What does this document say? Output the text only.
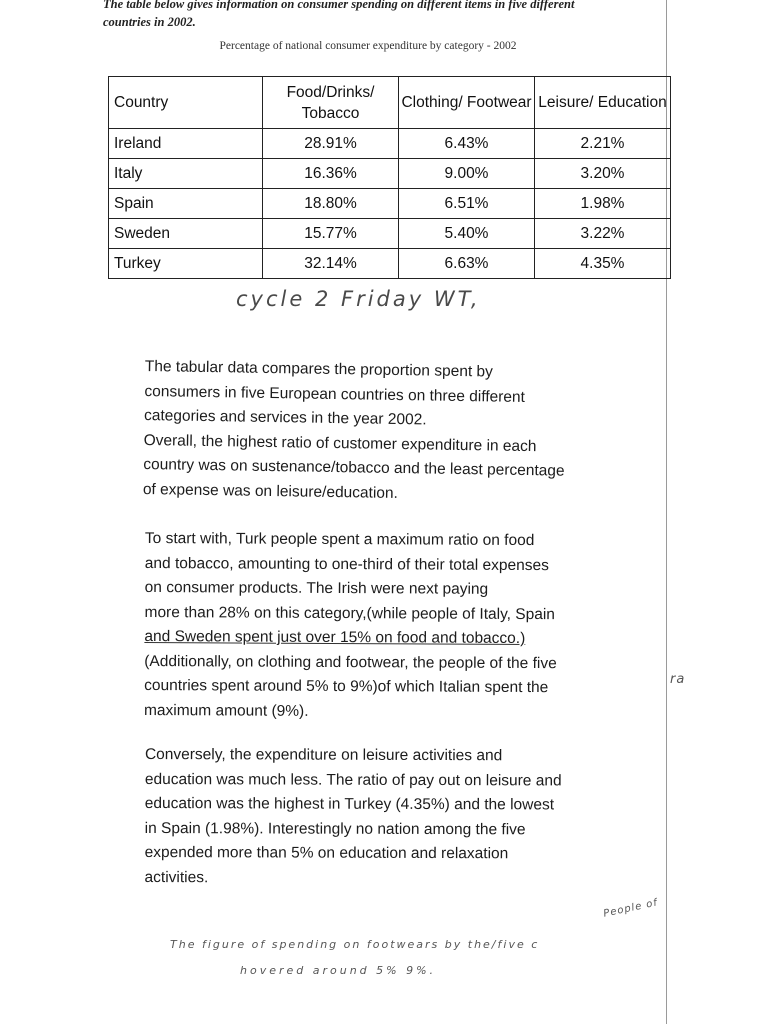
The table below gives information on consumer spending on different items in five different countries in 2002.
Percentage of national consumer expenditure by category - 2002
Country	Food/Drinks/ Tobacco	Clothing/ Footwear	Leisure/ Education
Ireland	28.91%	6.43%	2.21%
Italy	16.36%	9.00%	3.20%
Spain	18.80%	6.51%	1.98%
Sweden	15.77%	5.40%	3.22%
Turkey	32.14%	6.63%	4.35%
cycle 2 Friday WT,
The tabular data compares the proportion spent by
consumers in five European countries on three different
categories and services in the year 2002.
Overall, the highest ratio of customer expenditure in each
country was on sustenance/tobacco and the least percentage
of expense was on leisure/education.
To start with, Turk people spent a maximum ratio on food
and tobacco, amounting to one-third of their total expenses
on consumer products. The Irish were next paying
more than 28% on this category,(while people of Italy, Spain
and Sweden spent just over 15% on food and tobacco.)
(Additionally, on clothing and footwear, the people of the five
countries spent around 5% to 9%)of which Italian spent the
maximum amount (9%).
ra
Conversely, the expenditure on leisure activities and
education was much less. The ratio of pay out on leisure and
education was the highest in Turkey (4.35%) and the lowest
in Spain (1.98%). Interestingly no nation among the five
expended more than 5% on education and relaxation
activities.
People of
The figure of spending on footwears by the/five c
hovered around 5% 9%.
